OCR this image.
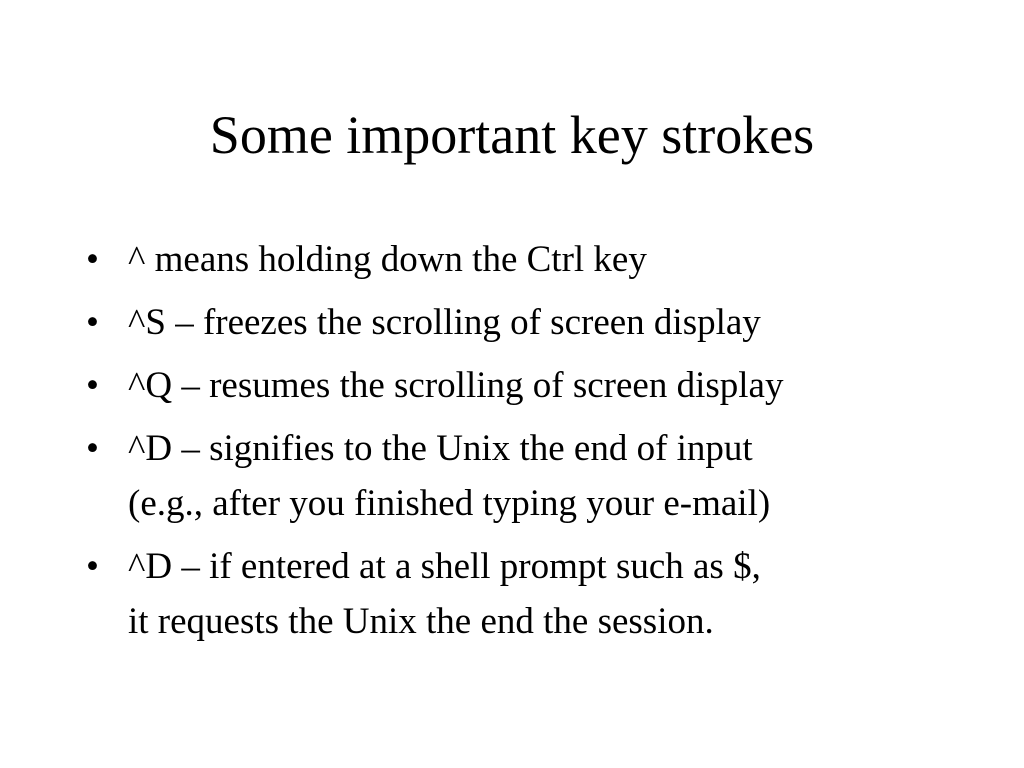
Some important key strokes
• ^ means holding down the Ctrl key
• ^S – freezes the scrolling of screen display
• ^Q – resumes the scrolling of screen display
• ^D – signifies to the Unix the end of input
(e.g., after you finished typing your e-mail)
• ^D – if entered at a shell prompt such as $,
it requests the Unix the end the session.
